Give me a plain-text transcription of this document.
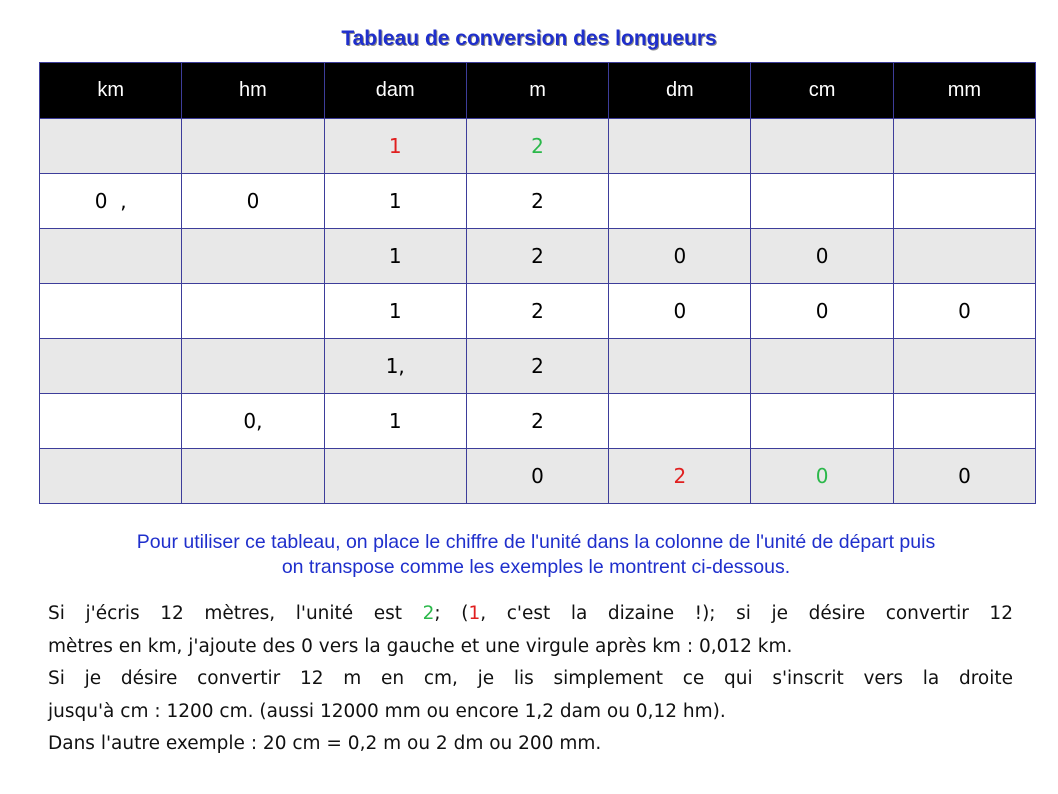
Tableau de conversion des longueurs
km	hm	dam	m	dm	cm	mm
		1	2			
0  ,	0	1	2			
		1	2	0	0	
		1	2	0	0	0
		1,	2			
	0,	1	2			
			0	2	0	0

Pour utiliser ce tableau, on place le chiffre de l'unité dans la colonne de l'unité de départ puis
on transpose comme les exemples le montrent ci-dessous.

Si j'écris 12 mètres, l'unité est 2; (1, c'est la dizaine !); si je désire convertir 12
mètres en km, j'ajoute des 0 vers la gauche et une virgule après km : 0,012 km.
Si je désire convertir 12 m en cm, je lis simplement ce qui s'inscrit vers la droite
jusqu'à cm : 1200 cm. (aussi 12000 mm ou encore 1,2 dam ou 0,12 hm).
Dans l'autre exemple : 20 cm = 0,2 m ou 2 dm ou 200 mm.
